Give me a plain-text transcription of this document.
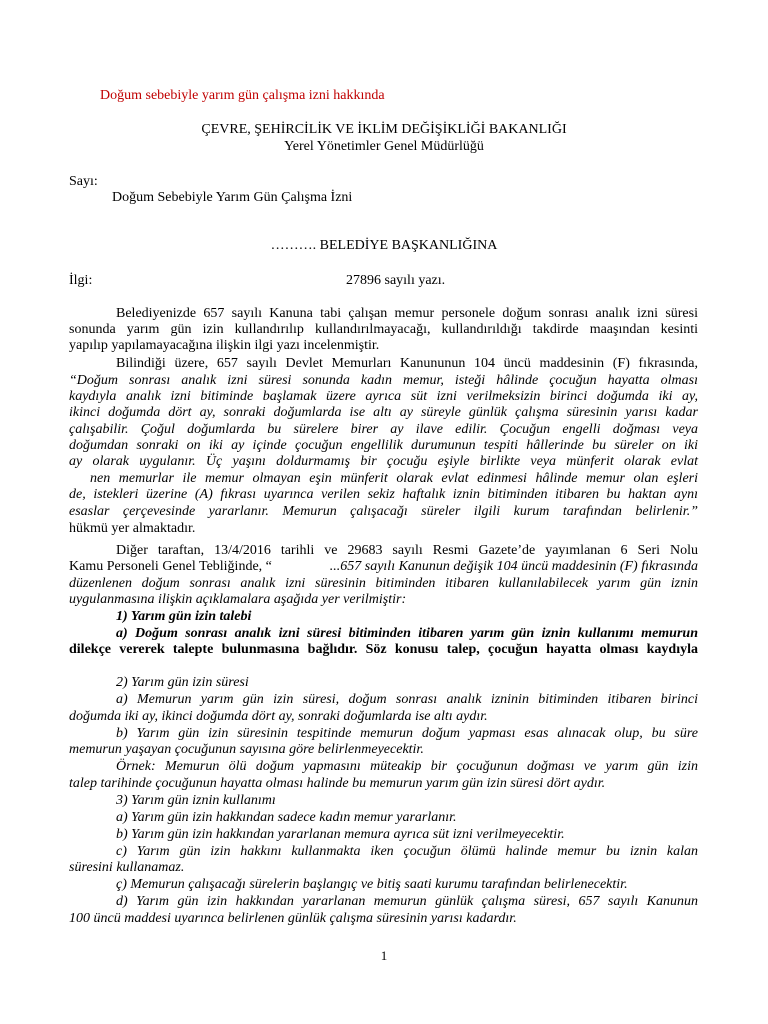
Doğum sebebiyle yarım gün çalışma izni hakkında
ÇEVRE, ŞEHİRCİLİK VE İKLİM DEĞİŞİKLİĞİ BAKANLIĞI
Yerel Yönetimler Genel Müdürlüğü
Sayı:
Doğum Sebebiyle Yarım Gün Çalışma İzni
………. BELEDİYE BAŞKANLIĞINA
İlgi:	27896 sayılı yazı.
Belediyenizde 657 sayılı Kanuna tabi çalışan memur personele doğum sonrası analık izni süresi
sonunda yarım gün izin kullandırılıp kullandırılmayacağı, kullandırıldığı takdirde maaşından kesinti
yapılıp yapılamayacağına ilişkin ilgi yazı incelenmiştir.
Bilindiği üzere, 657 sayılı Devlet Memurları Kanununun 104 üncü maddesinin (F) fıkrasında,
“Doğum sonrası analık izni süresi sonunda kadın memur, isteği hâlinde çocuğun hayatta olması
kaydıyla analık izni bitiminde başlamak üzere ayrıca süt izni verilmeksizin birinci doğumda iki ay,
ikinci doğumda dört ay, sonraki doğumlarda ise altı ay süreyle günlük çalışma süresinin yarısı kadar
çalışabilir. Çoğul doğumlarda bu sürelere birer ay ilave edilir. Çocuğun engelli doğması veya
doğumdan sonraki on iki ay içinde çocuğun engellilik durumunun tespiti hâllerinde bu süreler on iki
ay olarak uygulanır. Üç yaşını doldurmamış bir çocuğu eşiyle birlikte veya münferit olarak evlat
nen memurlar ile memur olmayan eşin münferit olarak evlat edinmesi hâlinde memur olan eşleri
de, istekleri üzerine (A) fıkrası uyarınca verilen sekiz haftalık iznin bitiminden itibaren bu haktan aynı
esaslar çerçevesinde yararlanır. Memurun çalışacağı süreler ilgili kurum tarafından belirlenir.”
hükmü yer almaktadır.
Diğer taraftan, 13/4/2016 tarihli ve 29683 sayılı Resmi Gazete’de yayımlanan 6 Seri Nolu
Kamu Personeli Genel Tebliğinde, “	...657 sayılı Kanunun değişik 104 üncü maddesinin (F) fıkrasında
düzenlenen doğum sonrası analık izni süresinin bitiminden itibaren kullanılabilecek yarım gün iznin
uygulanmasına ilişkin açıklamalara aşağıda yer verilmiştir:
1) Yarım gün izin talebi
a) Doğum sonrası analık izni süresi bitiminden itibaren yarım gün iznin kullanımı memurun
dilekçe vererek talepte bulunmasına bağlıdır. Söz konusu talep, çocuğun hayatta olması kaydıyla
2) Yarım gün izin süresi
a) Memurun yarım gün izin süresi, doğum sonrası analık izninin bitiminden itibaren birinci
doğumda iki ay, ikinci doğumda dört ay, sonraki doğumlarda ise altı aydır.
b) Yarım gün izin süresinin tespitinde memurun doğum yapması esas alınacak olup, bu süre
memurun yaşayan çocuğunun sayısına göre belirlenmeyecektir.
Örnek: Memurun ölü doğum yapmasını müteakip bir çocuğunun doğması ve yarım gün izin
talep tarihinde çocuğunun hayatta olması halinde bu memurun yarım gün izin süresi dört aydır.
3) Yarım gün iznin kullanımı
a) Yarım gün izin hakkından sadece kadın memur yararlanır.
b) Yarım gün izin hakkından yararlanan memura ayrıca süt izni verilmeyecektir.
c) Yarım gün izin hakkını kullanmakta iken çocuğun ölümü halinde memur bu iznin kalan
süresini kullanamaz.
ç) Memurun çalışacağı sürelerin başlangıç ve bitiş saati kurumu tarafından belirlenecektir.
d) Yarım gün izin hakkından yararlanan memurun günlük çalışma süresi, 657 sayılı Kanunun
100 üncü maddesi uyarınca belirlenen günlük çalışma süresinin yarısı kadardır.
1
